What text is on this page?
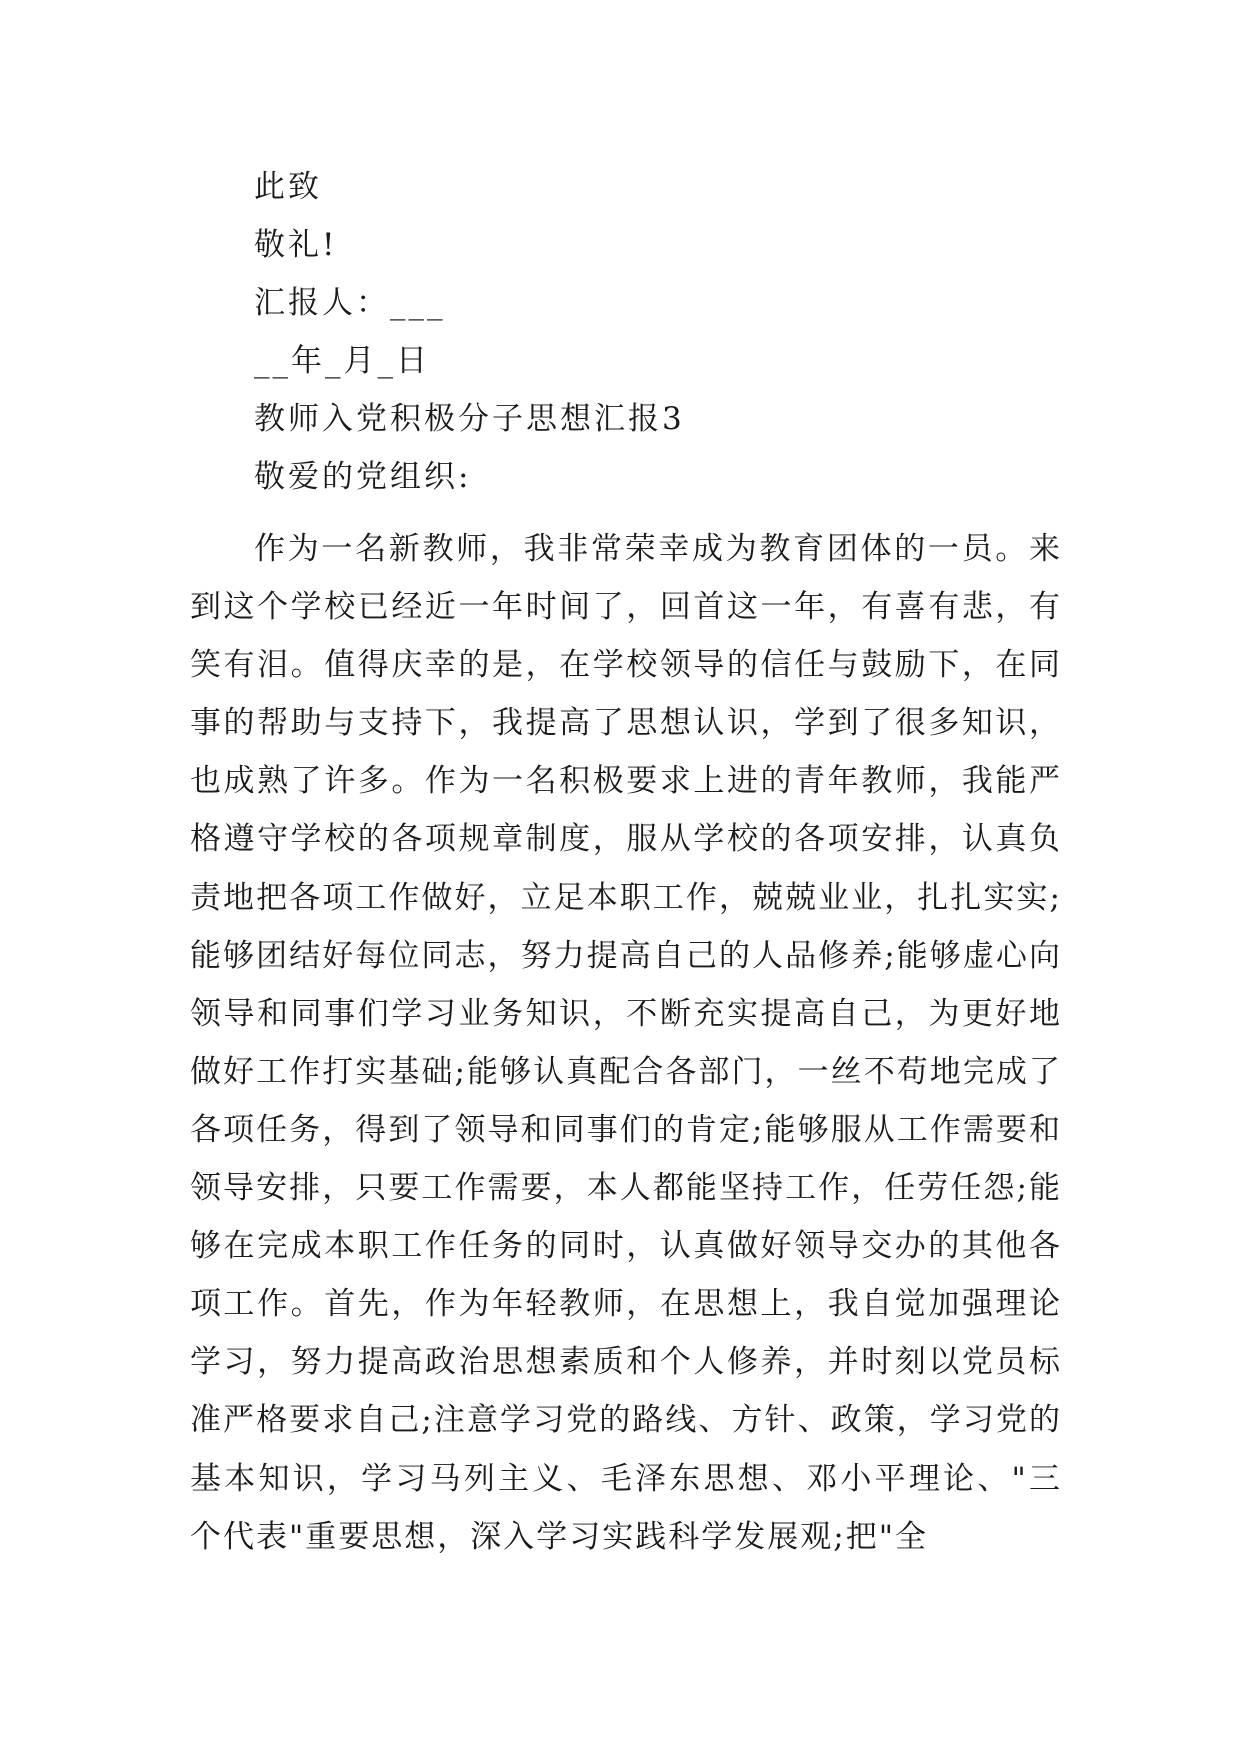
此致
敬礼!
汇报人：___
__年_月_日
教师入党积极分子思想汇报3
敬爱的党组织:

作为一名新教师，我非常荣幸成为教育团体的一员。来到这个学校已经近一年时间了，回首这一年，有喜有悲，有笑有泪。值得庆幸的是，在学校领导的信任与鼓励下，在同事的帮助与支持下，我提高了思想认识，学到了很多知识，也成熟了许多。作为一名积极要求上进的青年教师，我能严格遵守学校的各项规章制度，服从学校的各项安排，认真负责地把各项工作做好，立足本职工作，兢兢业业，扎扎实实;能够团结好每位同志，努力提高自己的人品修养;能够虚心向领导和同事们学习业务知识，不断充实提高自己，为更好地做好工作打实基础;能够认真配合各部门，一丝不苟地完成了各项任务，得到了领导和同事们的肯定;能够服从工作需要和领导安排，只要工作需要，本人都能坚持工作，任劳任怨;能够在完成本职工作任务的同时，认真做好领导交办的其他各项工作。首先，作为年轻教师，在思想上，我自觉加强理论学习，努力提高政治思想素质和个人修养，并时刻以党员标准严格要求自己;注意学习党的路线、方针、政策，学习党的基本知识，学习马列主义、毛泽东思想、邓小平理论、"三个代表"重要思想，深入学习实践科学发展观;把"全
